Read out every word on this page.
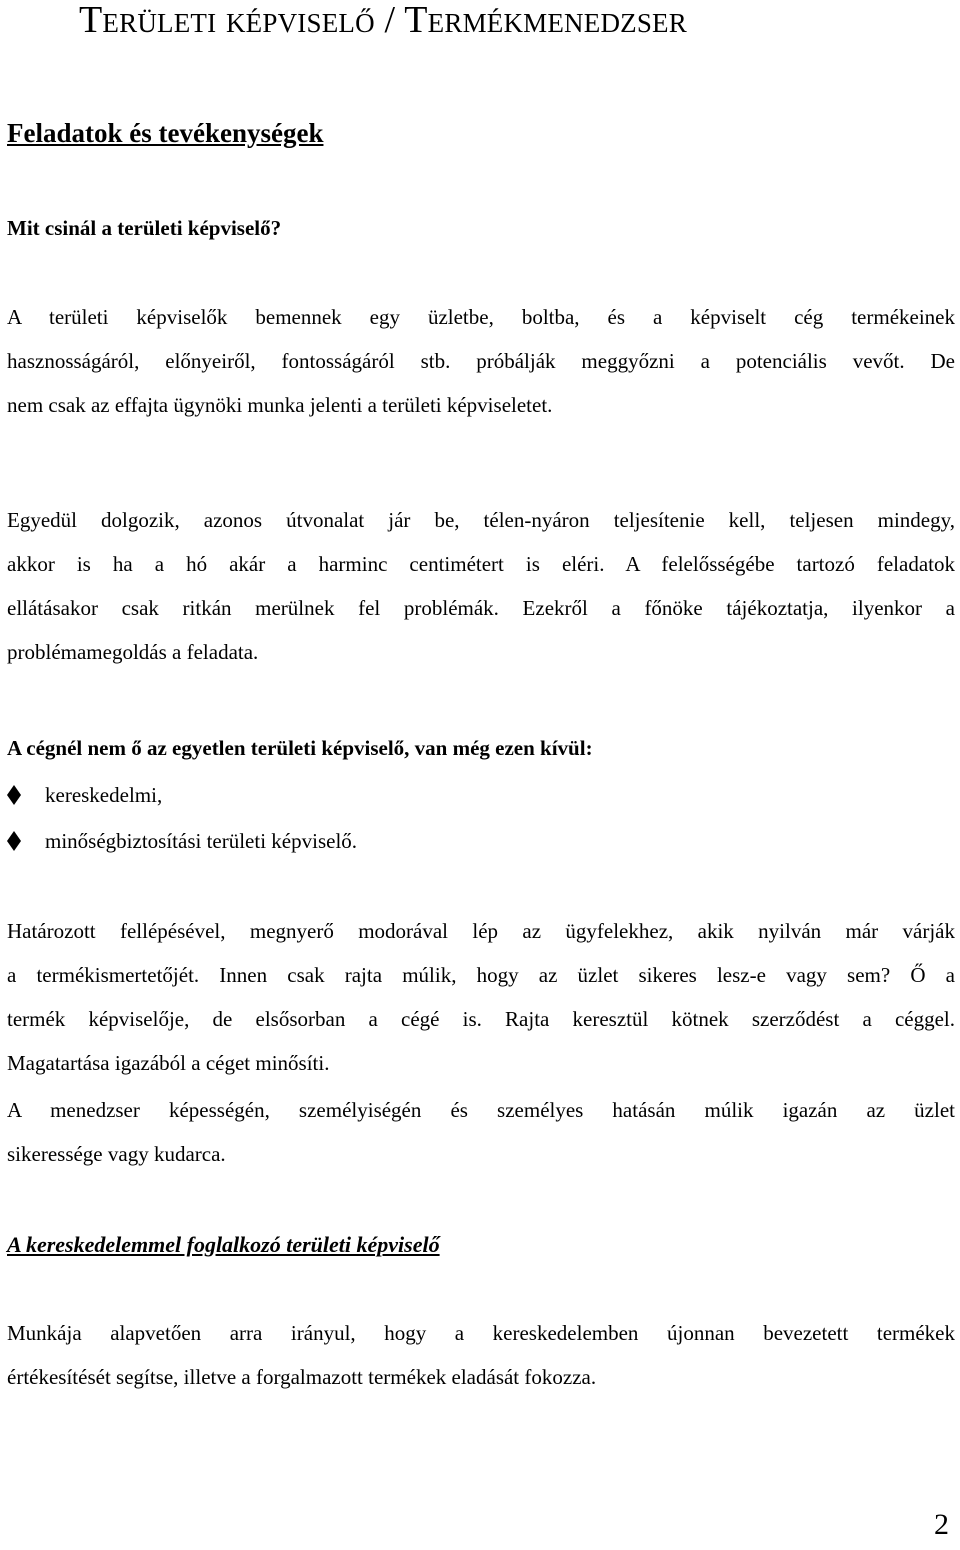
Területi képviselő / Termékmenedzser
Feladatok és tevékenységek
Mit csinál a területi képviselő?
A területi képviselők bemennek egy üzletbe, boltba, és a képviselt cég termékeinek
hasznosságáról, előnyeiről, fontosságáról stb. próbálják meggyőzni a potenciális vevőt. De
nem csak az effajta ügynöki munka jelenti a területi képviseletet.
Egyedül dolgozik, azonos útvonalat jár be, télen-nyáron teljesítenie kell, teljesen mindegy,
akkor is ha a hó akár a harminc centimétert is eléri. A felelősségébe tartozó feladatok
ellátásakor csak ritkán merülnek fel problémák. Ezekről a főnöke tájékoztatja, ilyenkor a
problémamegoldás a feladata.
A cégnél nem ő az egyetlen területi képviselő, van még ezen kívül:
kereskedelmi,
minőségbiztosítási területi képviselő.
Határozott fellépésével, megnyerő modorával lép az ügyfelekhez, akik nyilván már várják
a termékismertetőjét. Innen csak rajta múlik, hogy az üzlet sikeres lesz-e vagy sem? Ő a
termék képviselője, de elsősorban a cégé is. Rajta keresztül kötnek szerződést a céggel.
Magatartása igazából a céget minősíti.
A menedzser képességén, személyiségén és személyes hatásán múlik igazán az üzlet
sikeressége vagy kudarca.
A kereskedelemmel foglalkozó területi képviselő
Munkája alapvetően arra irányul, hogy a kereskedelemben újonnan bevezetett termékek
értékesítését segítse, illetve a forgalmazott termékek eladását fokozza.
2
